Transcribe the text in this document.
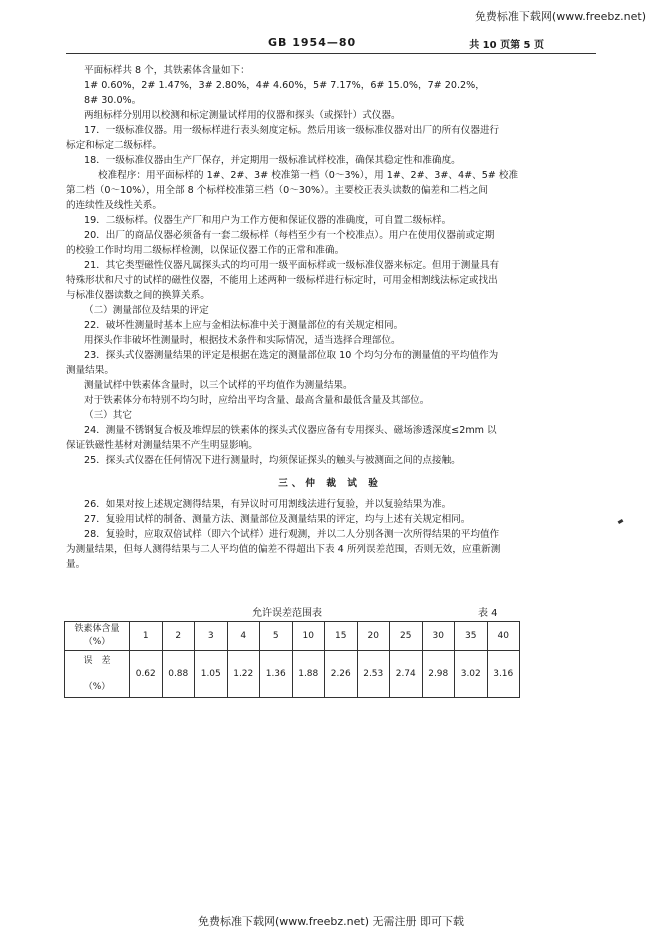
免费标准下载网(www.freebz.net)
GB 1954—80	共 10 页第 5 页

平面标样共 8 个，其铁素体含量如下：

1# 0.60%，2# 1.47%，3# 2.80%，4# 4.60%，5# 7.17%，6# 15.0%，7# 20.2%，

8# 30.0%。

两组标样分别用以校测和标定测量试样用的仪器和探头（或探针）式仪器。

17．一级标准仪器。用一级标样进行表头刻度定标。然后用该一级标准仪器对出厂的所有仪器进行

标定和标定二级标样。

18．一级标准仪器由生产厂保存，并定期用一级标准试样校准，确保其稳定性和准确度。

校准程序：用平面标样的 1#、2#、3# 校准第一档（0～3%），用 1#、2#、3#、4#、5# 校准

第二档（0～10%），用全部 8 个标样校准第三档（0～30%）。主要校正表头读数的偏差和二档之间

的连续性及线性关系。

19．二级标样。仪器生产厂和用户为工作方便和保证仪器的准确度，可自置二级标样。

20．出厂的商品仪器必须备有一套二级标样（每档至少有一个校准点）。用户在使用仪器前或定期

的校验工作时均用二级标样检测，以保证仪器工作的正常和准确。

21．其它类型磁性仪器凡属探头式的均可用一级平面标样或一级标准仪器来标定。但用于测量具有

特殊形状和尺寸的试样的磁性仪器，不能用上述两种一级标样进行标定时，可用金相割线法标定或找出

与标准仪器读数之间的换算关系。

（二）测量部位及结果的评定

22．破坏性测量时基本上应与金相法标准中关于测量部位的有关规定相同。

用探头作非破坏性测量时，根据技术条件和实际情况，适当选择合理部位。

23．探头式仪器测量结果的评定是根据在选定的测量部位取 10 个均匀分布的测量值的平均值作为

测量结果。

测量试样中铁素体含量时，以三个试样的平均值作为测量结果。

对于铁素体分布特别不均匀时，应给出平均含量、最高含量和最低含量及其部位。

（三）其它

24．测量不锈钢复合板及堆焊层的铁素体的探头式仪器应备有专用探头、磁场渗透深度≤2mm 以

保证铁磁性基材对测量结果不产生明显影响。

25．探头式仪器在任何情况下进行测量时，均须保证探头的触头与被测面之间的点接触。

三、仲 裁 试 验

26．如果对按上述规定测得结果，有异议时可用割线法进行复验，并以复验结果为准。

27．复验用试样的制备、测量方法、测量部位及测量结果的评定，均与上述有关规定相同。

28．复验时，应取双倍试样（即六个试样）进行观测，并以二人分别各测一次所得结果的平均值作

为测量结果，但每人测得结果与二人平均值的偏差不得超出下表 4 所列误差范围，否则无效，应重新测

量。

允许误差范围表	表 4
铁素体含量
（%）	1	2	3	4	5	10	15	20	25	30	35	40
误　差

（%）	0.62	0.88	1.05	1.22	1.36	1.88	2.26	2.53	2.74	2.98	3.02	3.16
免费标准下载网(www.freebz.net) 无需注册 即可下载
